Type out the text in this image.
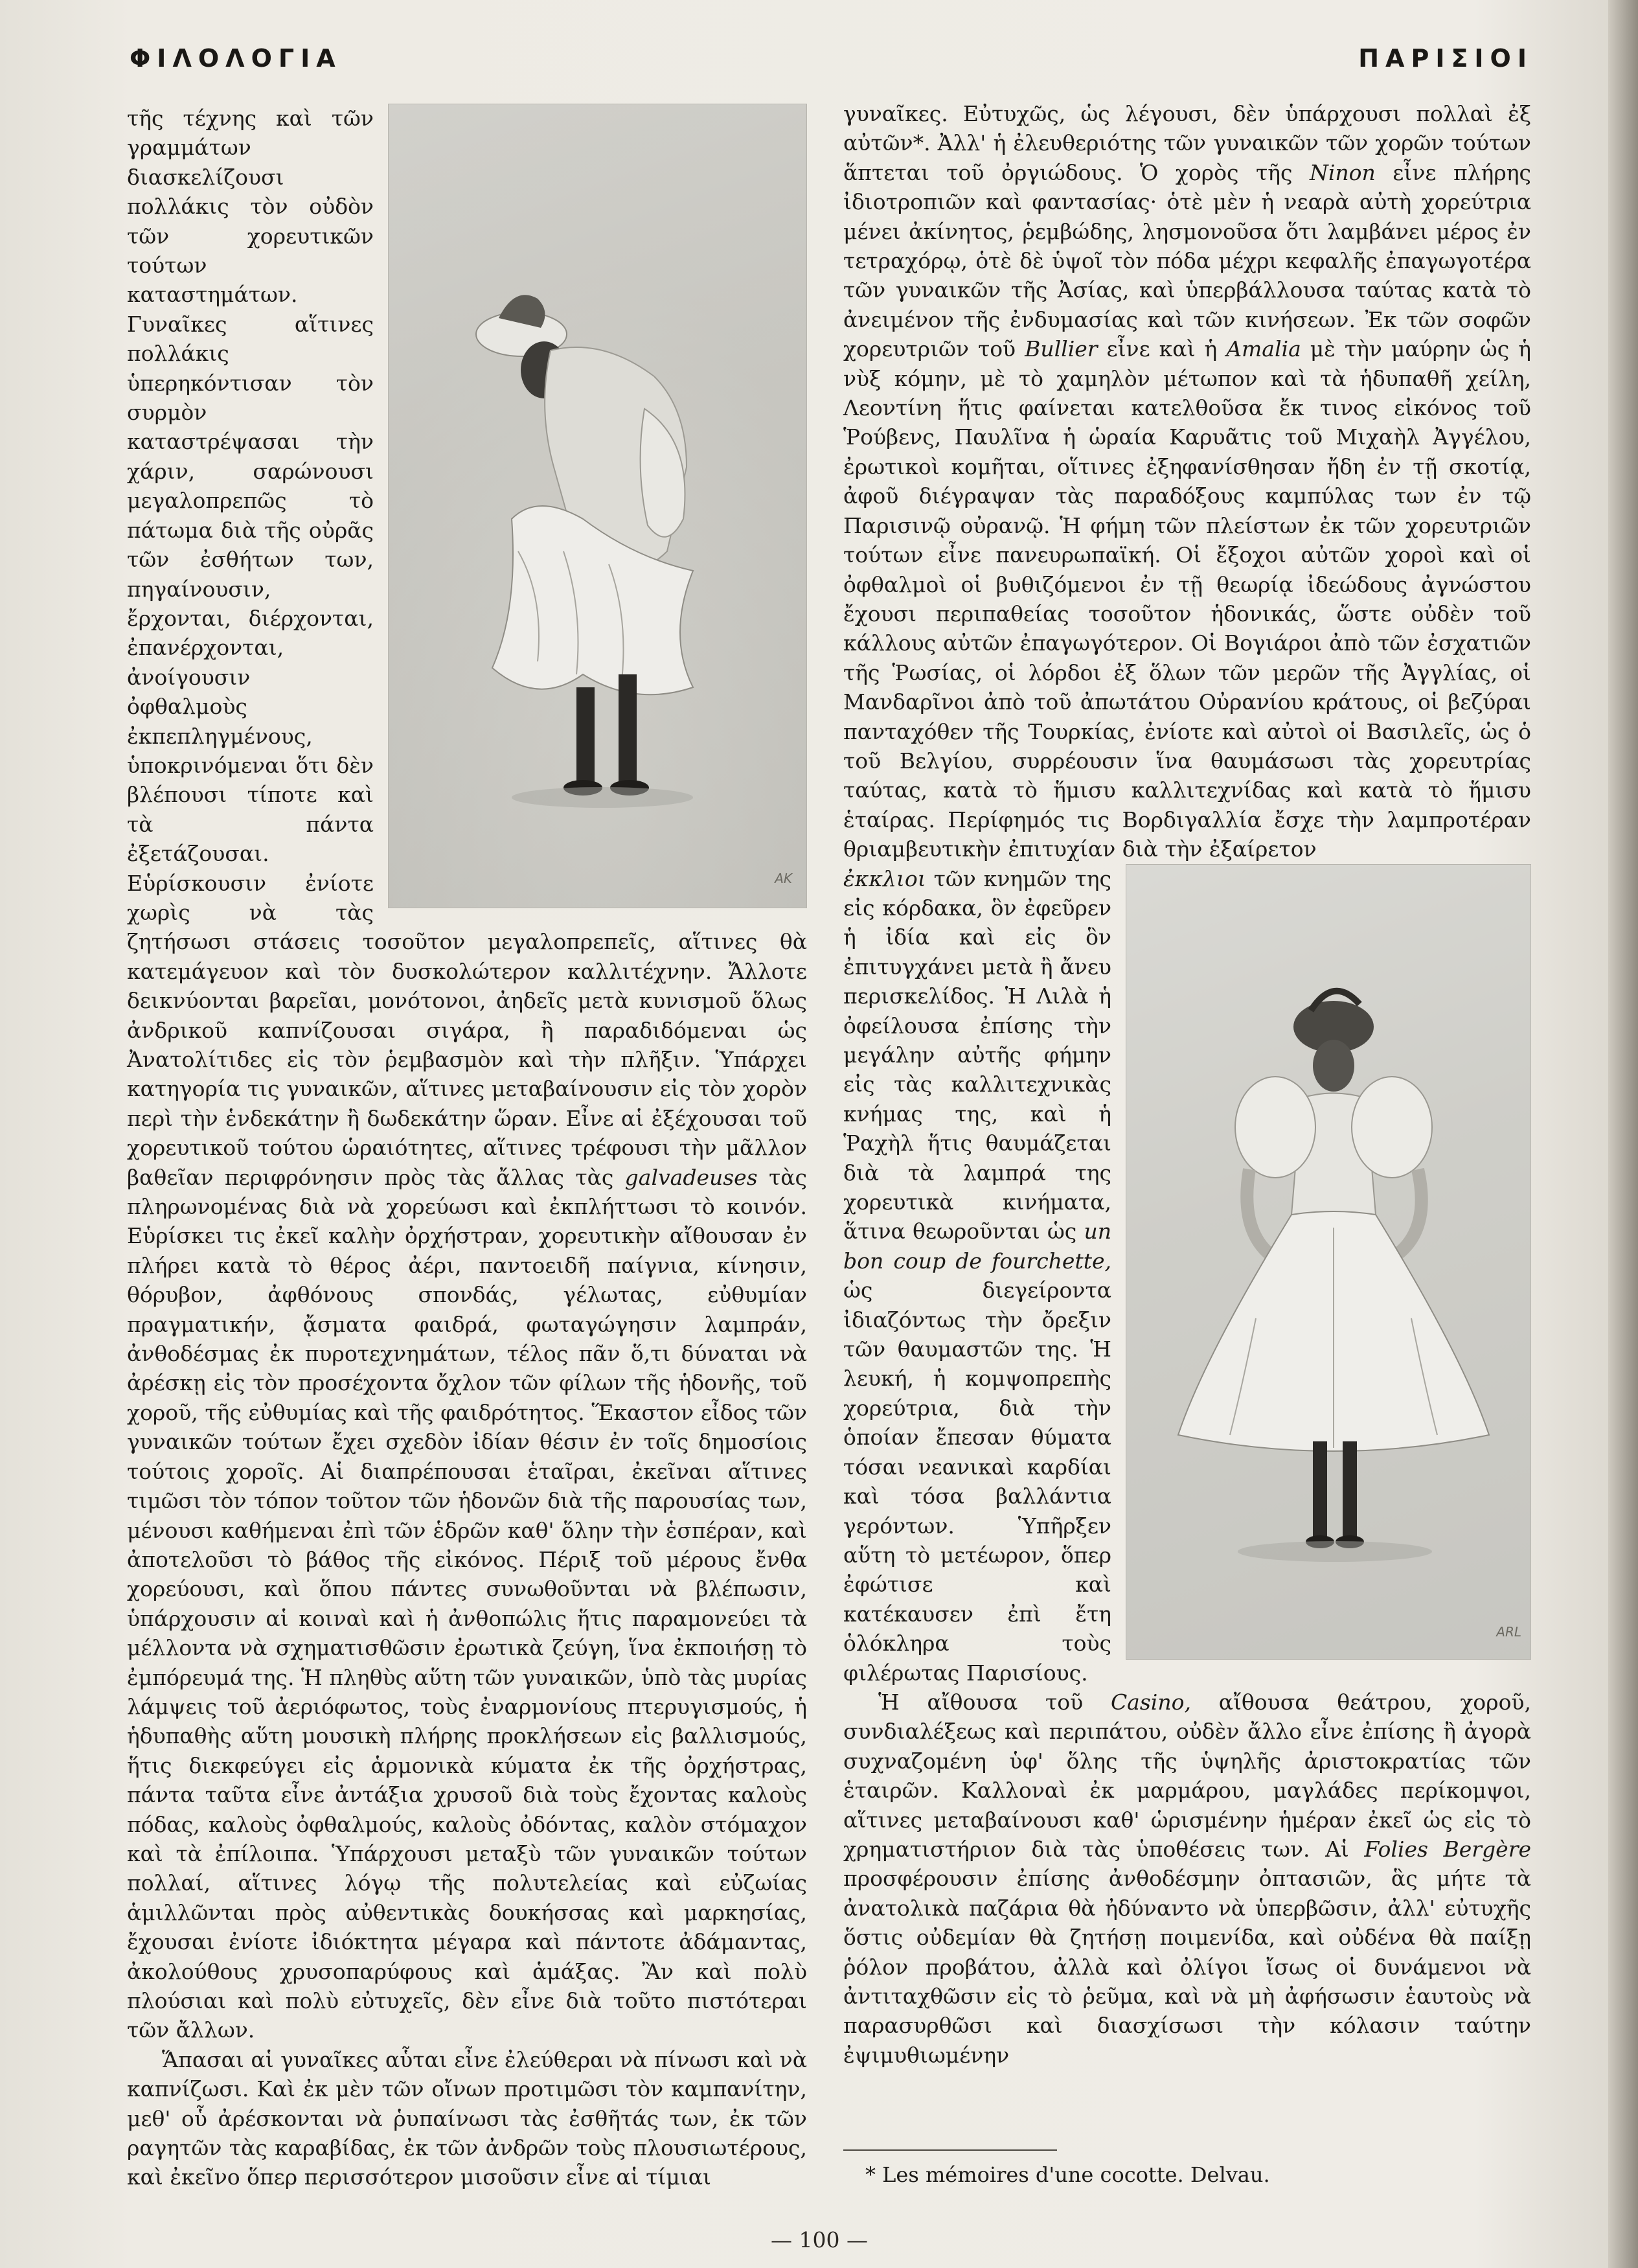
ΦΙΛΟΛΟΓΙΑ	ΠΑΡΙΣΙΟΙ
AK

τῆς τέχνης καὶ τῶν γραμμάτων διασκελίζουσι πολλάκις τὸν οὐδὸν τῶν χορευτικῶν τούτων καταστημάτων. Γυναῖκες αἵτινες πολλάκις ὑπερηκόντισαν τὸν συρμὸν καταστρέψασαι τὴν χάριν, σαρώνουσι μεγαλοπρεπῶς τὸ πάτωμα διὰ τῆς οὐρᾶς τῶν ἐσθήτων των, πηγαίνουσιν, ἔρχονται, διέρχονται, ἐπανέρχονται, ἀνοίγουσιν ὀφθαλμοὺς ἐκπεπληγμένους, ὑποκρινόμεναι ὅτι δὲν βλέπουσι τίποτε καὶ τὰ πάντα ἐξετάζουσαι. Εὑρίσκουσιν ἐνίοτε χωρὶς νὰ τὰς ζητήσωσι στάσεις τοσοῦτον μεγαλοπρεπεῖς, αἵτινες θὰ κατεμάγευον καὶ τὸν δυσκολώτερον καλλιτέχνην. Ἄλλοτε δεικνύονται βαρεῖαι, μονότονοι, ἀηδεῖς μετὰ κυνισμοῦ ὅλως ἀνδρικοῦ καπνίζουσαι σιγάρα, ἢ παραδιδόμεναι ὡς Ἀνατολίτιδες εἰς τὸν ῥεμβασμὸν καὶ τὴν πλῆξιν. Ὑπάρχει κατηγορία τις γυναικῶν, αἵτινες μεταβαίνουσιν εἰς τὸν χορὸν περὶ τὴν ἑνδεκάτην ἢ δωδεκάτην ὥραν. Εἶνε αἱ ἐξέχουσαι τοῦ χορευτικοῦ τούτου ὡραιότητες, αἵτινες τρέφουσι τὴν μᾶλλον βαθεῖαν περιφρόνησιν πρὸς τὰς ἄλλας τὰς galvadeuses τὰς πληρωνομένας διὰ νὰ χορεύωσι καὶ ἐκπλήττωσι τὸ κοινόν. Εὑρίσκει τις ἐκεῖ καλὴν ὀρχήστραν, χορευτικὴν αἴθουσαν ἐν πλήρει κατὰ τὸ θέρος ἀέρι, παντοειδῆ παίγνια, κίνησιν, θόρυβον, ἀφθόνους σπονδάς, γέλωτας, εὐθυμίαν πραγματικήν, ᾄσματα φαιδρά, φωταγώγησιν λαμπράν, ἀνθοδέσμας ἐκ πυροτεχνημάτων, τέλος πᾶν ὅ,τι δύναται νὰ ἀρέσκῃ εἰς τὸν προσέχοντα ὄχλον τῶν φίλων τῆς ἡδονῆς, τοῦ χοροῦ, τῆς εὐθυμίας καὶ τῆς φαιδρότητος. Ἕκαστον εἶδος τῶν γυναικῶν τούτων ἔχει σχεδὸν ἰδίαν θέσιν ἐν τοῖς δημοσίοις τούτοις χοροῖς. Αἱ διαπρέπουσαι ἑταῖραι, ἐκεῖναι αἵτινες τιμῶσι τὸν τόπον τοῦτον τῶν ἡδονῶν διὰ τῆς παρουσίας των, μένουσι καθήμεναι ἐπὶ τῶν ἑδρῶν καθ' ὅλην τὴν ἑσπέραν, καὶ ἀποτελοῦσι τὸ βάθος τῆς εἰκόνος. Πέριξ τοῦ μέρους ἔνθα χορεύουσι, καὶ ὅπου πάντες συνωθοῦνται νὰ βλέπωσιν, ὑπάρχουσιν αἱ κοιναὶ καὶ ἡ ἀνθοπώλις ἥτις παραμονεύει τὰ μέλλοντα νὰ σχηματισθῶσιν ἐρωτικὰ ζεύγη, ἵνα ἐκποιήσῃ τὸ ἐμπόρευμά της. Ἡ πληθὺς αὕτη τῶν γυναικῶν, ὑπὸ τὰς μυρίας λάμψεις τοῦ ἀεριόφωτος, τοὺς ἐναρμονίους πτερυγισμούς, ἡ ἡδυπαθὴς αὕτη μουσικὴ πλήρης προκλήσεων εἰς βαλλισμούς, ἥτις διεκφεύγει εἰς ἁρμονικὰ κύματα ἐκ τῆς ὀρχήστρας, πάντα ταῦτα εἶνε ἀντάξια χρυσοῦ διὰ τοὺς ἔχοντας καλοὺς πόδας, καλοὺς ὀφθαλμούς, καλοὺς ὀδόντας, καλὸν στόμαχον καὶ τὰ ἐπίλοιπα. Ὑπάρχουσι μεταξὺ τῶν γυναικῶν τούτων πολλαί, αἵτινες λόγῳ τῆς πολυτελείας καὶ εὐζωίας ἁμιλλῶνται πρὸς αὐθεντικὰς δουκήσσας καὶ μαρκησίας, ἔχουσαι ἐνίοτε ἰδιόκτητα μέγαρα καὶ πάντοτε ἀδάμαντας, ἀκολούθους χρυσοπαρύφους καὶ ἁμάξας. Ἂν καὶ πολὺ πλούσιαι καὶ πολὺ εὐτυχεῖς, δὲν εἶνε διὰ τοῦτο πιστότεραι τῶν ἄλλων.

Ἅπασαι αἱ γυναῖκες αὗται εἶνε ἐλεύθεραι νὰ πίνωσι καὶ νὰ καπνίζωσι. Καὶ ἐκ μὲν τῶν οἴνων προτιμῶσι τὸν καμπανίτην, μεθ' οὗ ἀρέσκονται νὰ ῥυπαίνωσι τὰς ἐσθῆτάς των, ἐκ τῶν ραγητῶν τὰς καραβίδας, ἐκ τῶν ἀνδρῶν τοὺς πλουσιωτέρους, καὶ ἐκεῖνο ὅπερ περισσότερον μισοῦσιν εἶνε αἱ τίμιαι

γυναῖκες. Εὐτυχῶς, ὡς λέγουσι, δὲν ὑπάρχουσι πολλαὶ ἐξ αὐτῶν*. Ἀλλ' ἡ ἐλευθεριότης τῶν γυναικῶν τῶν χορῶν τούτων ἅπτεται τοῦ ὀργιώδους. Ὁ χορὸς τῆς Ninon εἶνε πλήρης ἰδιοτροπιῶν καὶ φαντασίας· ὁτὲ μὲν ἡ νεαρὰ αὐτὴ χορεύτρια μένει ἀκίνητος, ῥεμβώδης, λησμονοῦσα ὅτι λαμβάνει μέρος ἐν τετραχόρῳ, ὁτὲ δὲ ὑψοῖ τὸν πόδα μέχρι κεφαλῆς ἐπαγωγοτέρα τῶν γυναικῶν τῆς Ἀσίας, καὶ ὑπερβάλλουσα ταύτας κατὰ τὸ ἀνειμένον τῆς ἐνδυμασίας καὶ τῶν κινήσεων. Ἐκ τῶν σοφῶν χορευτριῶν τοῦ Bullier εἶνε καὶ ἡ Amalia μὲ τὴν μαύρην ὡς ἡ νὺξ κόμην, μὲ τὸ χαμηλὸν μέτωπον καὶ τὰ ἡδυπαθῆ χείλη, Λεοντίνη ἥτις φαίνεται κατελθοῦσα ἔκ τινος εἰκόνος τοῦ Ῥούβενς, Παυλῖνα ἡ ὡραία Καρυᾶτις τοῦ Μιχαὴλ Ἀγγέλου, ἐρωτικοὶ κομῆται, οἵτινες ἐξηφανίσθησαν ἤδη ἐν τῇ σκοτίᾳ, ἀφοῦ διέγραψαν τὰς παραδόξους καμπύλας των ἐν τῷ Παρισινῷ οὐρανῷ. Ἡ φήμη τῶν πλείστων ἐκ τῶν χορευτριῶν τούτων εἶνε πανευρωπαϊκή. Οἱ ἔξοχοι αὐτῶν χοροὶ καὶ οἱ ὀφθαλμοὶ οἱ βυθιζόμενοι ἐν τῇ θεωρίᾳ ἰδεώδους ἀγνώστου ἔχουσι περιπαθείας τοσοῦτον ἡδονικάς, ὥστε οὐδὲν τοῦ κάλλους αὐτῶν ἐπαγωγότερον. Οἱ Βογιάροι ἀπὸ τῶν ἐσχατιῶν τῆς Ῥωσίας, οἱ λόρδοι ἐξ ὅλων τῶν μερῶν τῆς Ἀγγλίας, οἱ Μανδαρῖνοι ἀπὸ τοῦ ἀπωτάτου Οὐρανίου κράτους, οἱ βεζύραι πανταχόθεν τῆς Τουρκίας, ἐνίοτε καὶ αὐτοὶ οἱ Βασιλεῖς, ὡς ὁ τοῦ Βελγίου, συρρέουσιν ἵνα θαυμάσωσι τὰς χορευτρίας ταύτας, κατὰ τὸ ἥμισυ καλλιτεχνίδας καὶ κατὰ τὸ ἥμισυ ἑταίρας. Περίφημός τις Βορδιγαλλία ἔσχε τὴν λαμπροτέραν θριαμβευτικὴν ἐπιτυχίαν διὰ τὴν ἐξαίρετον

ARL

ἐκκλιοι τῶν κνημῶν της εἰς κόρδακα, ὃν ἐφεῦρεν ἡ ἰδία καὶ εἰς ὃν ἐπιτυγχάνει μετὰ ἢ ἄνευ περισκελίδος. Ἡ Λιλὰ ἡ ὀφείλουσα ἐπίσης τὴν μεγάλην αὐτῆς φήμην εἰς τὰς καλλιτεχνικὰς κνήμας της, καὶ ἡ Ῥαχὴλ ἥτις θαυμάζεται διὰ τὰ λαμπρά της χορευτικὰ κινήματα, ἅτινα θεωροῦνται ὡς un bon coup de fourchette, ὡς διεγείροντα ἰδιαζόντως τὴν ὄρεξιν τῶν θαυμαστῶν της. Ἡ λευκή, ἡ κομψοπρεπὴς χορεύτρια, διὰ τὴν ὁποίαν ἔπεσαν θύματα τόσαι νεανικαὶ καρδίαι καὶ τόσα βαλλάντια γερόντων. Ὑπῆρξεν αὕτη τὸ μετέωρον, ὅπερ ἐφώτισε καὶ κατέκαυσεν ἐπὶ ἔτη ὁλόκληρα τοὺς φιλέρωτας Παρισίους.

Ἡ αἴθουσα τοῦ Casino, αἴθουσα θεάτρου, χοροῦ, συνδιαλέξεως καὶ περιπάτου, οὐδὲν ἄλλο εἶνε ἐπίσης ἢ ἀγορὰ συχναζομένη ὑφ' ὅλης τῆς ὑψηλῆς ἀριστοκρατίας τῶν ἑταιρῶν. Καλλοναὶ ἐκ μαρμάρου, μαγλάδες περίκομψοι, αἵτινες μεταβαίνουσι καθ' ὡρισμένην ἡμέραν ἐκεῖ ὡς εἰς τὸ χρηματιστήριον διὰ τὰς ὑποθέσεις των. Αἱ Folies Bergère προσφέρουσιν ἐπίσης ἀνθοδέσμην ὀπτασιῶν, ἃς μήτε τὰ ἀνατολικὰ παζάρια θὰ ἠδύναντο νὰ ὑπερβῶσιν, ἀλλ' εὐτυχῆς ὅστις οὐδεμίαν θὰ ζητήσῃ ποιμενίδα, καὶ οὐδένα θὰ παίξῃ ῥόλον προβάτου, ἀλλὰ καὶ ὀλίγοι ἴσως οἱ δυνάμενοι νὰ ἀντιταχθῶσιν εἰς τὸ ῥεῦμα, καὶ νὰ μὴ ἀφήσωσιν ἑαυτοὺς νὰ παρασυρθῶσι καὶ διασχίσωσι τὴν κόλασιν ταύτην ἐψιμυθιωμένην

* Les mémoires d'une cocotte. Delvau.
— 100 —
